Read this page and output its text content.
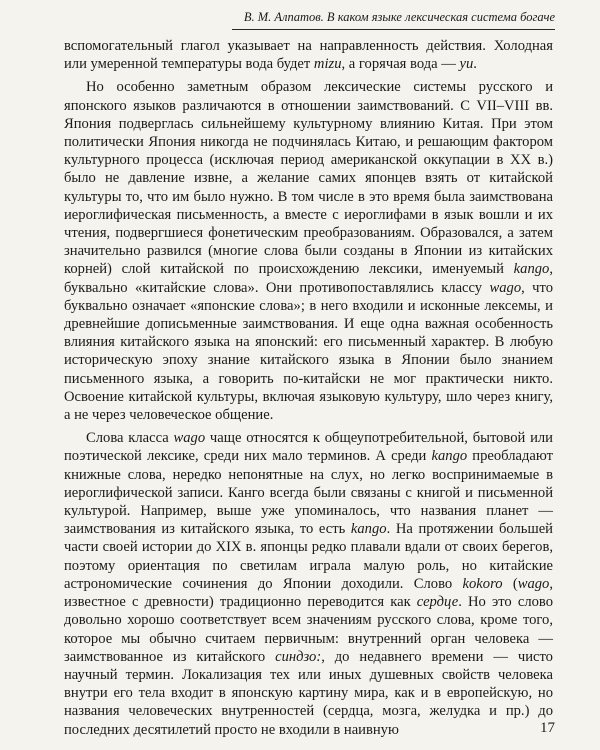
В. М. Алпатов. В каком языке лексическая система богаче

вспомогательный глагол указывает на направленность действия. Холодная или умеренной температуры вода будет mizu, а горячая вода — yu.

Но особенно заметным образом лексические системы русского и японского языков различаются в отношении заимствований. С VII–VIII вв. Япония подверглась сильнейшему культурному влиянию Китая. При этом политически Япония никогда не подчинялась Китаю, и решающим фактором культурного процесса (исключая период американской оккупации в XX в.) было не давление извне, а желание самих японцев взять от китайской культуры то, что им было нужно. В том числе в это время была заимствована иероглифическая письменность, а вместе с иероглифами в язык вошли и их чтения, подвергшиеся фонетическим преобразованиям. Образовался, а затем значительно развился (многие слова были созданы в Японии из китайских корней) слой китайской по происхождению лексики, именуемый kango, буквально «китайские слова». Они противопоставлялись классу wago, что буквально означает «японские слова»; в него входили и исконные лексемы, и древнейшие дописьменные заимствования. И еще одна важная особенность влияния китайского языка на японский: его письменный характер. В любую историческую эпоху знание китайского языка в Японии было знанием письменного языка, а говорить по-китайски не мог практически никто. Освоение китайской культуры, включая языковую культуру, шло через книгу, а не через человеческое общение.

Слова класса wago чаще относятся к общеупотребительной, бытовой или поэтической лексике, среди них мало терминов. А среди kango преобладают книжные слова, нередко непонятные на слух, но легко воспринимаемые в иероглифической записи. Канго всегда были связаны с книгой и письменной культурой. Например, выше уже упоминалось, что названия планет — заимствования из китайского языка, то есть kango. На протяжении большей части своей истории до XIX в. японцы редко плавали вдали от своих берегов, поэтому ориентация по светилам играла малую роль, но китайские астрономические сочинения до Японии доходили. Слово kokoro (wago, известное с древности) традиционно переводится как сердце. Но это слово довольно хорошо соответствует всем значениям русского слова, кроме того, которое мы обычно считаем первичным: внутренний орган человека — заимствованное из китайского синдзо:, до недавнего времени — чисто научный термин. Локализация тех или иных душевных свойств человека внутри его тела входит в японскую картину мира, как и в европейскую, но названия человеческих внутренностей (сердца, мозга, желудка и пр.) до последних десятилетий просто не входили в наивную	17
